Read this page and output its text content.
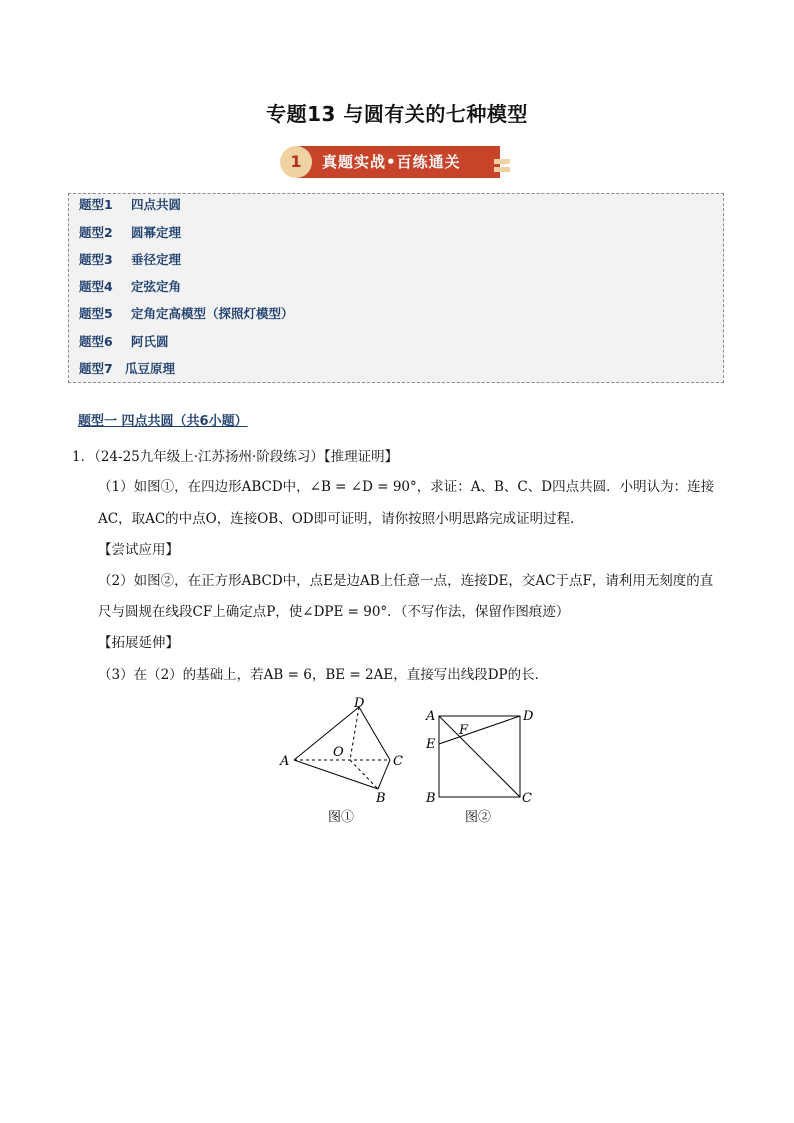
专题13 与圆有关的七种模型
1	真题实战•百练通关
题型1 四点共圆
题型2 圆幂定理
题型3 垂径定理
题型4 定弦定角
题型5 定角定高模型（探照灯模型）
题型6 阿氏圆
题型7 瓜豆原理
题型一 四点共圆（共6小题）
1．（24-25九年级上·江苏扬州·阶段练习）【推理证明】
（1）如图①，在四边形ABCD中，∠B = ∠D = 90°，求证：A、B、C、D四点共圆．小明认为：连接
AC，取AC的中点O，连接OB、OD即可证明，请你按照小明思路完成证明过程．
【尝试应用】
（2）如图②，在正方形ABCD中，点E是边AB上任意一点，连接DE，交AC于点F，请利用无刻度的直
尺与圆规在线段CF上确定点P，使∠DPE = 90°．（不写作法，保留作图痕迹）
【拓展延伸】
（3）在（2）的基础上，若AB = 6，BE = 2AE，直接写出线段DP的长．
A
D
C
B
O
图①
A	D
E
F
B	C
图②
